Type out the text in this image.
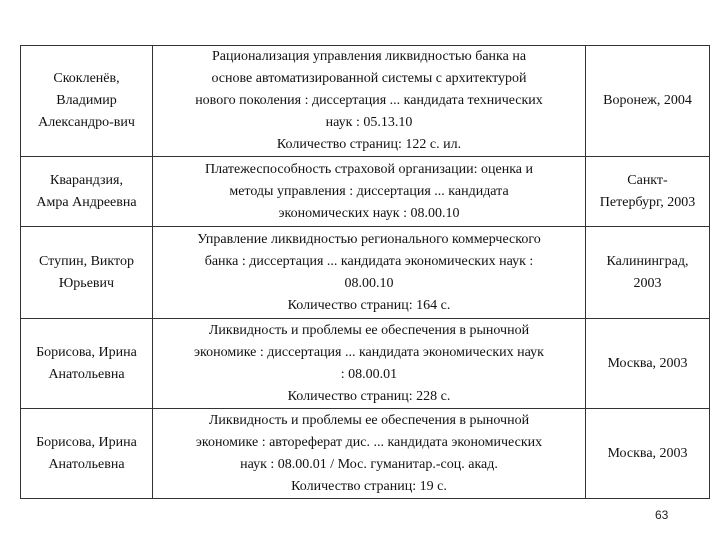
Скокленёв,
Владимир
Александро-вич	Рационализация управления ликвидностью банка на
основе автоматизированной системы с архитектурой
нового поколения : диссертация ... кандидата технических
наук : 05.13.10
Количество страниц: 122 с. ил.	Воронеж, 2004

Кварандзия,
Амра Андреевна	Платежеспособность страховой организации: оценка и
методы управления : диссертация ... кандидата
экономических наук : 08.00.10	Санкт-
Петербург, 2003

Ступин, Виктор
Юрьевич	Управление ликвидностью регионального коммерческого
банка : диссертация ... кандидата экономических наук :
08.00.10
Количество страниц: 164 с.	Калининград,
2003

Борисова, Ирина
Анатольевна	Ликвидность и проблемы ее обеспечения в рыночной
экономике : диссертация ... кандидата экономических наук
: 08.00.01
Количество страниц: 228 с.	Москва, 2003

Борисова, Ирина
Анатольевна	Ликвидность и проблемы ее обеспечения в рыночной
экономике : автореферат дис. ... кандидата экономических
наук : 08.00.01 / Мос. гуманитар.-соц. акад.
Количество страниц: 19 с.	Москва, 2003
63
